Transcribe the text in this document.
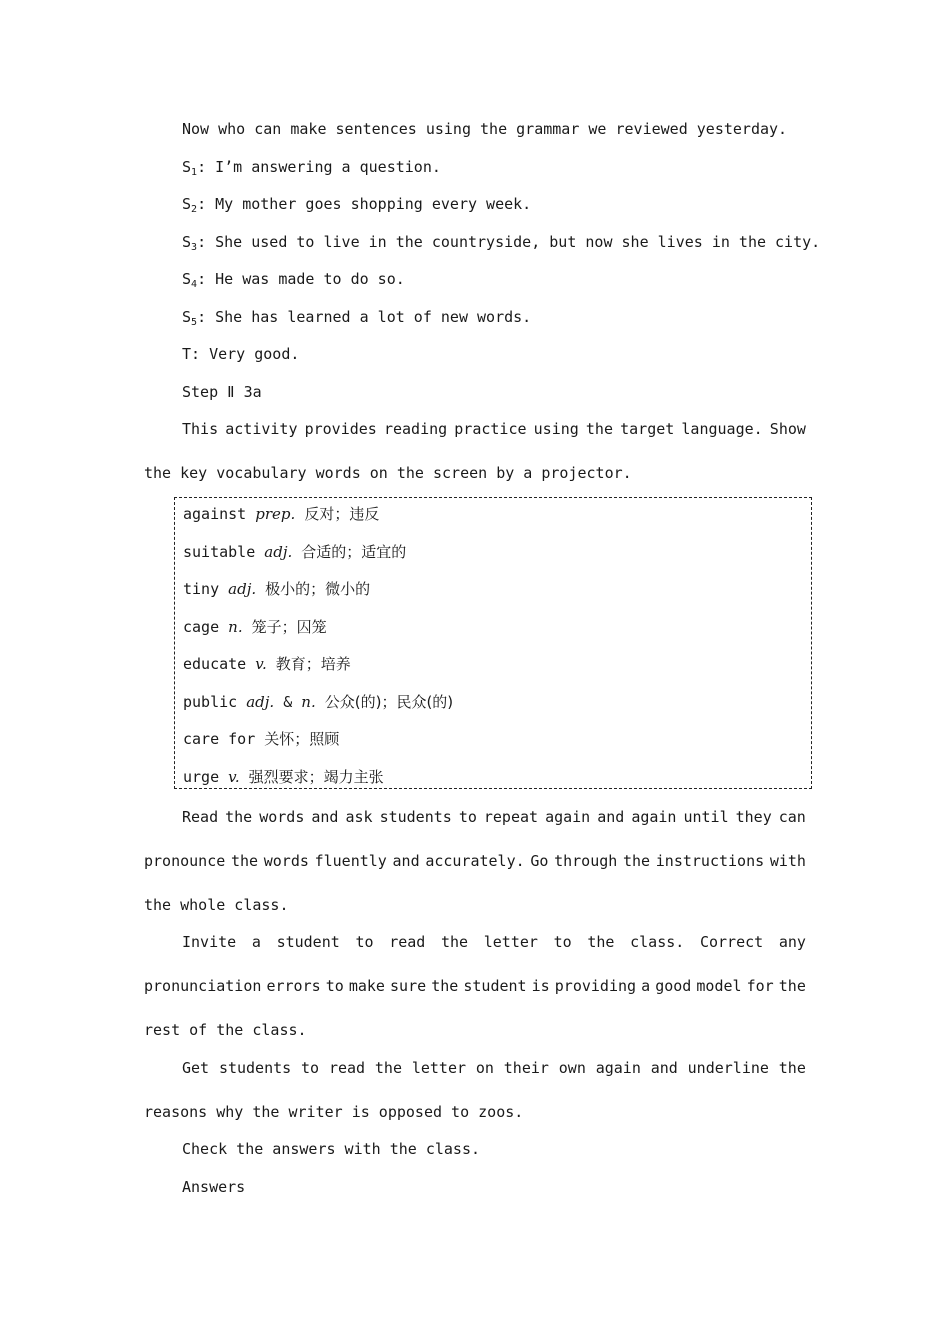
Now who can make sentences using the grammar we reviewed yesterday.
$S_1$: I’m answering a question.
$S_2$: My mother goes shopping every week.
$S_3$: She used to live in the countryside, but now she lives in the city.
$S_4$: He was made to do so.
$S_5$: She has learned a lot of new words.
T: Very good.
Step Ⅱ 3a
This activity provides reading practice using the target language. Show
the key vocabulary words on the screen by a projector.
against prep. 反对；违反
suitable adj. 合适的；适宜的
tiny adj. 极小的；微小的
cage n. 笼子；囚笼
educate v. 教育；培养
public adj. & n. 公众(的)；民众(的)
care for 关怀；照顾
urge v. 强烈要求；竭力主张
Read the words and ask students to repeat again and again until they can
pronounce the words fluently and accurately. Go through the instructions with
the whole class.
Invite a student to read the letter to the class. Correct any
pronunciation errors to make sure the student is providing a good model for the
rest of the class.
Get students to read the letter on their own again and underline the
reasons why the writer is opposed to zoos.
Check the answers with the class.
Answers
